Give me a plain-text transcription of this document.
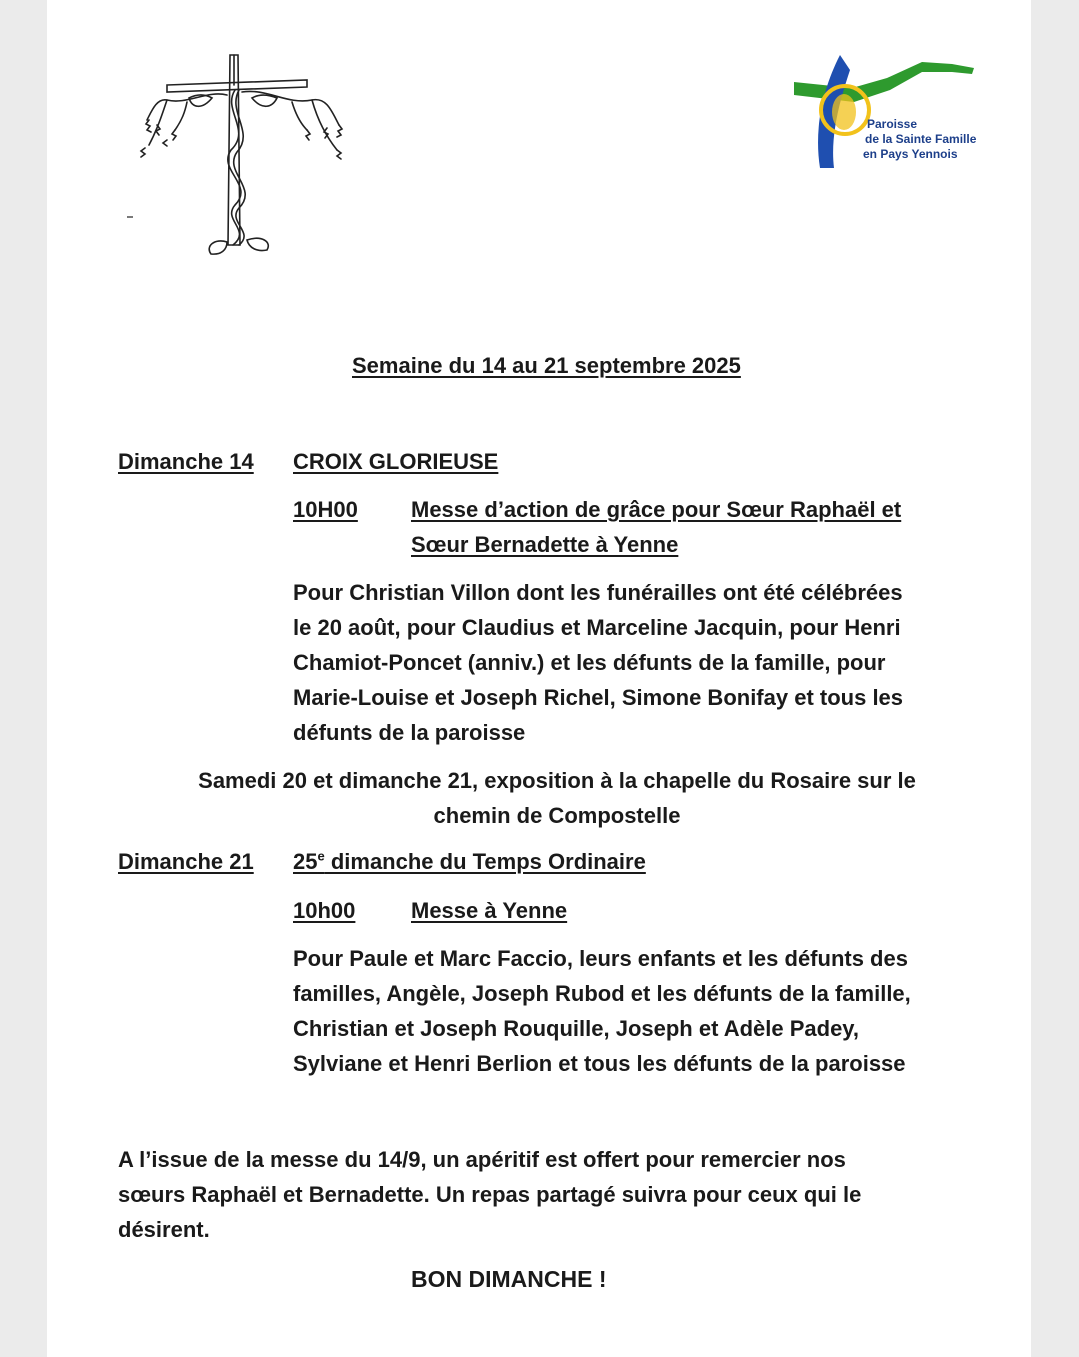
Paroisse
de la Sainte Famille
en Pays Yennois
Semaine du 14 au 21 septembre 2025
Dimanche 14 CROIX GLORIEUSE
10H00 Messe d’action de grâce pour Sœur Raphaël et
Sœur Bernadette à Yenne
Pour Christian Villon dont les funérailles ont été célébrées
le 20 août, pour Claudius et Marceline Jacquin, pour Henri
Chamiot-Poncet (anniv.) et les défunts de la famille, pour
Marie-Louise et Joseph Richel, Simone Bonifay et tous les
défunts de la paroisse
Samedi 20 et dimanche 21, exposition à la chapelle du Rosaire sur le
chemin de Compostelle
Dimanche 21 25e dimanche du Temps Ordinaire
10h00	Messe à Yenne
Pour Paule et Marc Faccio, leurs enfants et les défunts des
familles, Angèle, Joseph Rubod et les défunts de la famille,
Christian et Joseph Rouquille, Joseph et Adèle Padey,
Sylviane et Henri Berlion et tous les défunts de la paroisse
A l’issue de la messe du 14/9, un apéritif est offert pour remercier nos
sœurs Raphaël et Bernadette. Un repas partagé suivra pour ceux qui le
désirent.
BON DIMANCHE !
